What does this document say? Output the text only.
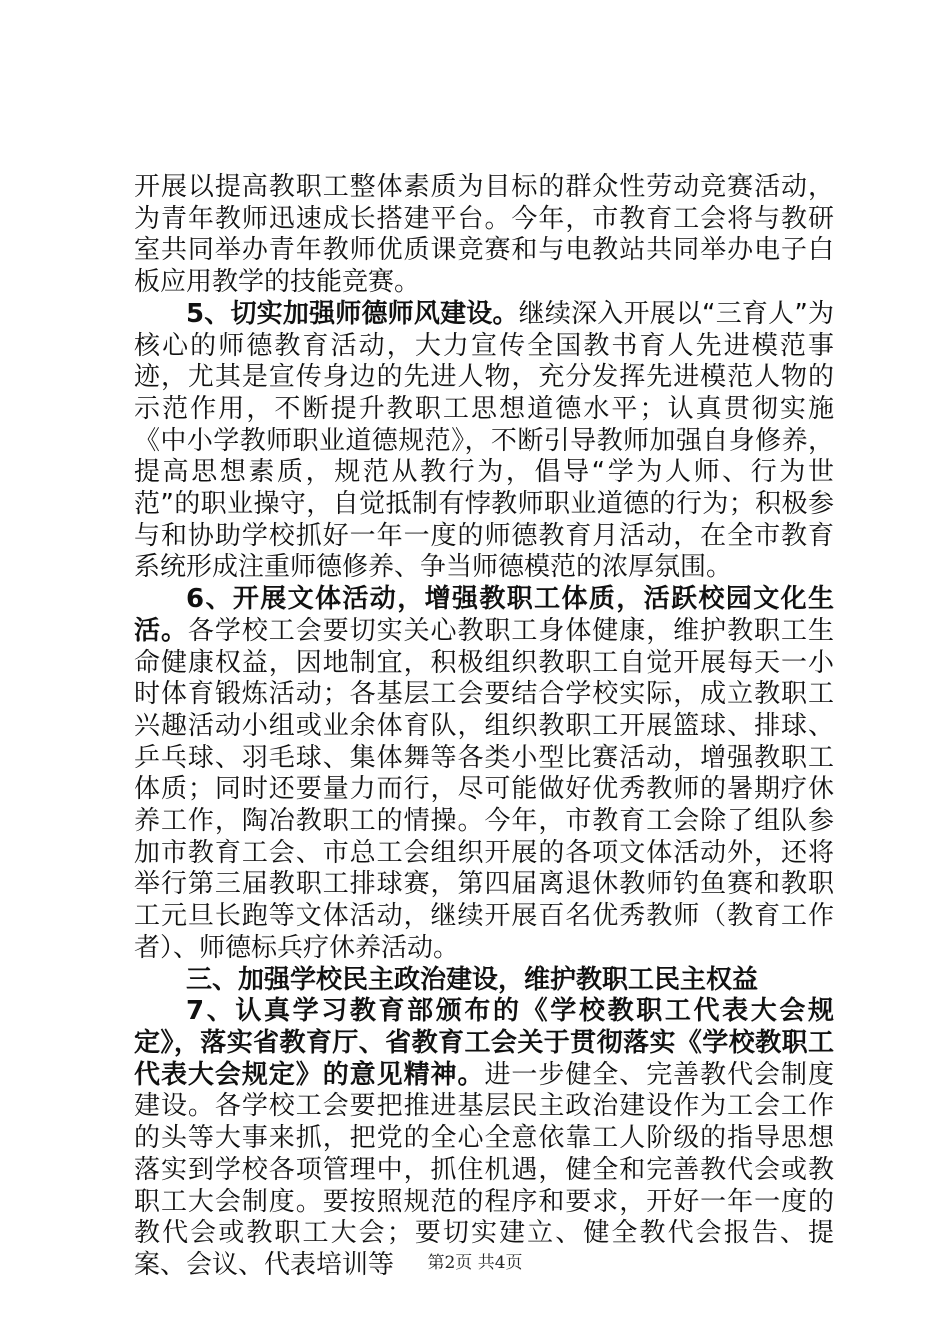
开展以提高教职工整体素质为目标的群众性劳动竞赛活动，为青年教师迅速成长搭建平台。今年，市教育工会将与教研室共同举办青年教师优质课竞赛和与电教站共同举办电子白板应用教学的技能竞赛。

5、切实加强师德师风建设。继续深入开展以“三育人”为核心的师德教育活动，大力宣传全国教书育人先进模范事迹，尤其是宣传身边的先进人物，充分发挥先进模范人物的示范作用，不断提升教职工思想道德水平；认真贯彻实施《中小学教师职业道德规范》，不断引导教师加强自身修养，提高思想素质，规范从教行为，倡导“学为人师、行为世范”的职业操守，自觉抵制有悖教师职业道德的行为；积极参与和协助学校抓好一年一度的师德教育月活动，在全市教育系统形成注重师德修养、争当师德模范的浓厚氛围。

6、开展文体活动，增强教职工体质，活跃校园文化生活。各学校工会要切实关心教职工身体健康，维护教职工生命健康权益，因地制宜，积极组织教职工自觉开展每天一小时体育锻炼活动；各基层工会要结合学校实际，成立教职工兴趣活动小组或业余体育队，组织教职工开展篮球、排球、乒乓球、羽毛球、集体舞等各类小型比赛活动，增强教职工体质；同时还要量力而行，尽可能做好优秀教师的暑期疗休养工作，陶冶教职工的情操。今年，市教育工会除了组队参加市教育工会、市总工会组织开展的各项文体活动外，还将举行第三届教职工排球赛，第四届离退休教师钓鱼赛和教职工元旦长跑等文体活动，继续开展百名优秀教师（教育工作者）、师德标兵疗休养活动。

三、加强学校民主政治建设，维护教职工民主权益

7、认真学习教育部颁布的《学校教职工代表大会规定》，落实省教育厅、省教育工会关于贯彻落实《学校教职工代表大会规定》的意见精神。进一步健全、完善教代会制度建设。各学校工会要把推进基层民主政治建设作为工会工作的头等大事来抓，把党的全心全意依靠工人阶级的指导思想落实到学校各项管理中，抓住机遇，健全和完善教代会或教职工大会制度。要按照规范的程序和要求，开好一年一度的教代会或教职工大会；要切实建立、健全教代会报告、提案、会议、代表培训等	第2页 共4页
